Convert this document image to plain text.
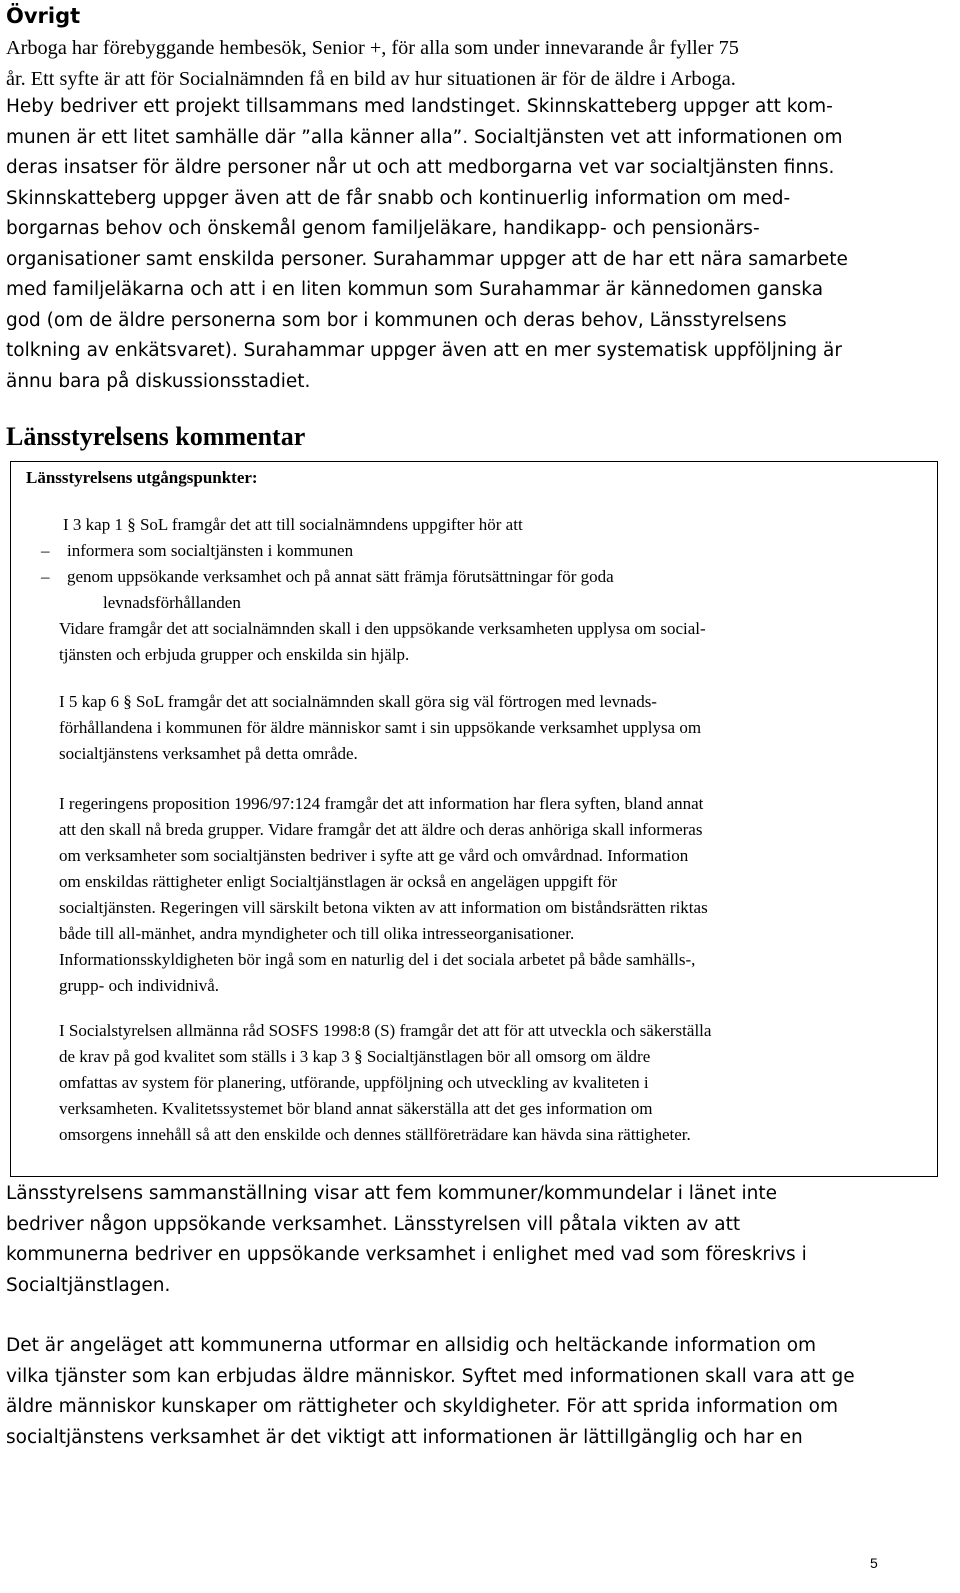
Övrigt
Arboga har förebyggande hembesök, Senior +, för alla som under innevarande år fyller 75
år. Ett syfte är att för Socialnämnden få en bild av hur situationen är för de äldre i Arboga.
Heby bedriver ett projekt tillsammans med landstinget. Skinnskatteberg uppger att kom-
munen är ett litet samhälle där ”alla känner alla”. Socialtjänsten vet att informationen om
deras insatser för äldre personer når ut och att medborgarna vet var socialtjänsten finns.
Skinnskatteberg uppger även att de får snabb och kontinuerlig information om med-
borgarnas behov och önskemål genom familjeläkare, handikapp- och pensionärs-
organisationer samt enskilda personer. Surahammar uppger att de har ett nära samarbete
med familjeläkarna och att i en liten kommun som Surahammar är kännedomen ganska
god (om de äldre personerna som bor i kommunen och deras behov, Länsstyrelsens
tolkning av enkätsvaret). Surahammar uppger även att en mer systematisk uppföljning är
ännu bara på diskussionsstadiet.
Länsstyrelsens kommentar
Länsstyrelsens utgångspunkter:
I 3 kap 1 § SoL framgår det att till socialnämndens uppgifter hör att
– informera som socialtjänsten i kommunen
– genom uppsökande verksamhet och på annat sätt främja förutsättningar för goda
levnadsförhållanden
Vidare framgår det att socialnämnden skall i den uppsökande verksamheten upplysa om social-
tjänsten och erbjuda grupper och enskilda sin hjälp.
I 5 kap 6 § SoL framgår det att socialnämnden skall göra sig väl förtrogen med levnads-
förhållandena i kommunen för äldre människor samt i sin uppsökande verksamhet upplysa om
socialtjänstens verksamhet på detta område.
I regeringens proposition 1996/97:124 framgår det att information har flera syften, bland annat
att den skall nå breda grupper. Vidare framgår det att äldre och deras anhöriga skall informeras
om verksamheter som socialtjänsten bedriver i syfte att ge vård och omvårdnad. Information
om enskildas rättigheter enligt Socialtjänstlagen är också en angelägen uppgift för
socialtjänsten. Regeringen vill särskilt betona vikten av att information om biståndsrätten riktas
både till all-mänhet, andra myndigheter och till olika intresseorganisationer.
Informationsskyldigheten bör ingå som en naturlig del i det sociala arbetet på både samhälls-,
grupp- och individnivå.
I Socialstyrelsen allmänna råd SOSFS 1998:8 (S) framgår det att för att utveckla och säkerställa
de krav på god kvalitet som ställs i 3 kap 3 § Socialtjänstlagen bör all omsorg om äldre
omfattas av system för planering, utförande, uppföljning och utveckling av kvaliteten i
verksamheten. Kvalitetssystemet bör bland annat säkerställa att det ges information om
omsorgens innehåll så att den enskilde och dennes ställföreträdare kan hävda sina rättigheter.
Länsstyrelsens sammanställning visar att fem kommuner/kommundelar i länet inte
bedriver någon uppsökande verksamhet. Länsstyrelsen vill påtala vikten av att
kommunerna bedriver en uppsökande verksamhet i enlighet med vad som föreskrivs i
Socialtjänstlagen.
Det är angeläget att kommunerna utformar en allsidig och heltäckande information om
vilka tjänster som kan erbjudas äldre människor. Syftet med informationen skall vara att ge
äldre människor kunskaper om rättigheter och skyldigheter. För att sprida information om
socialtjänstens verksamhet är det viktigt att informationen är lättillgänglig och har en
5
